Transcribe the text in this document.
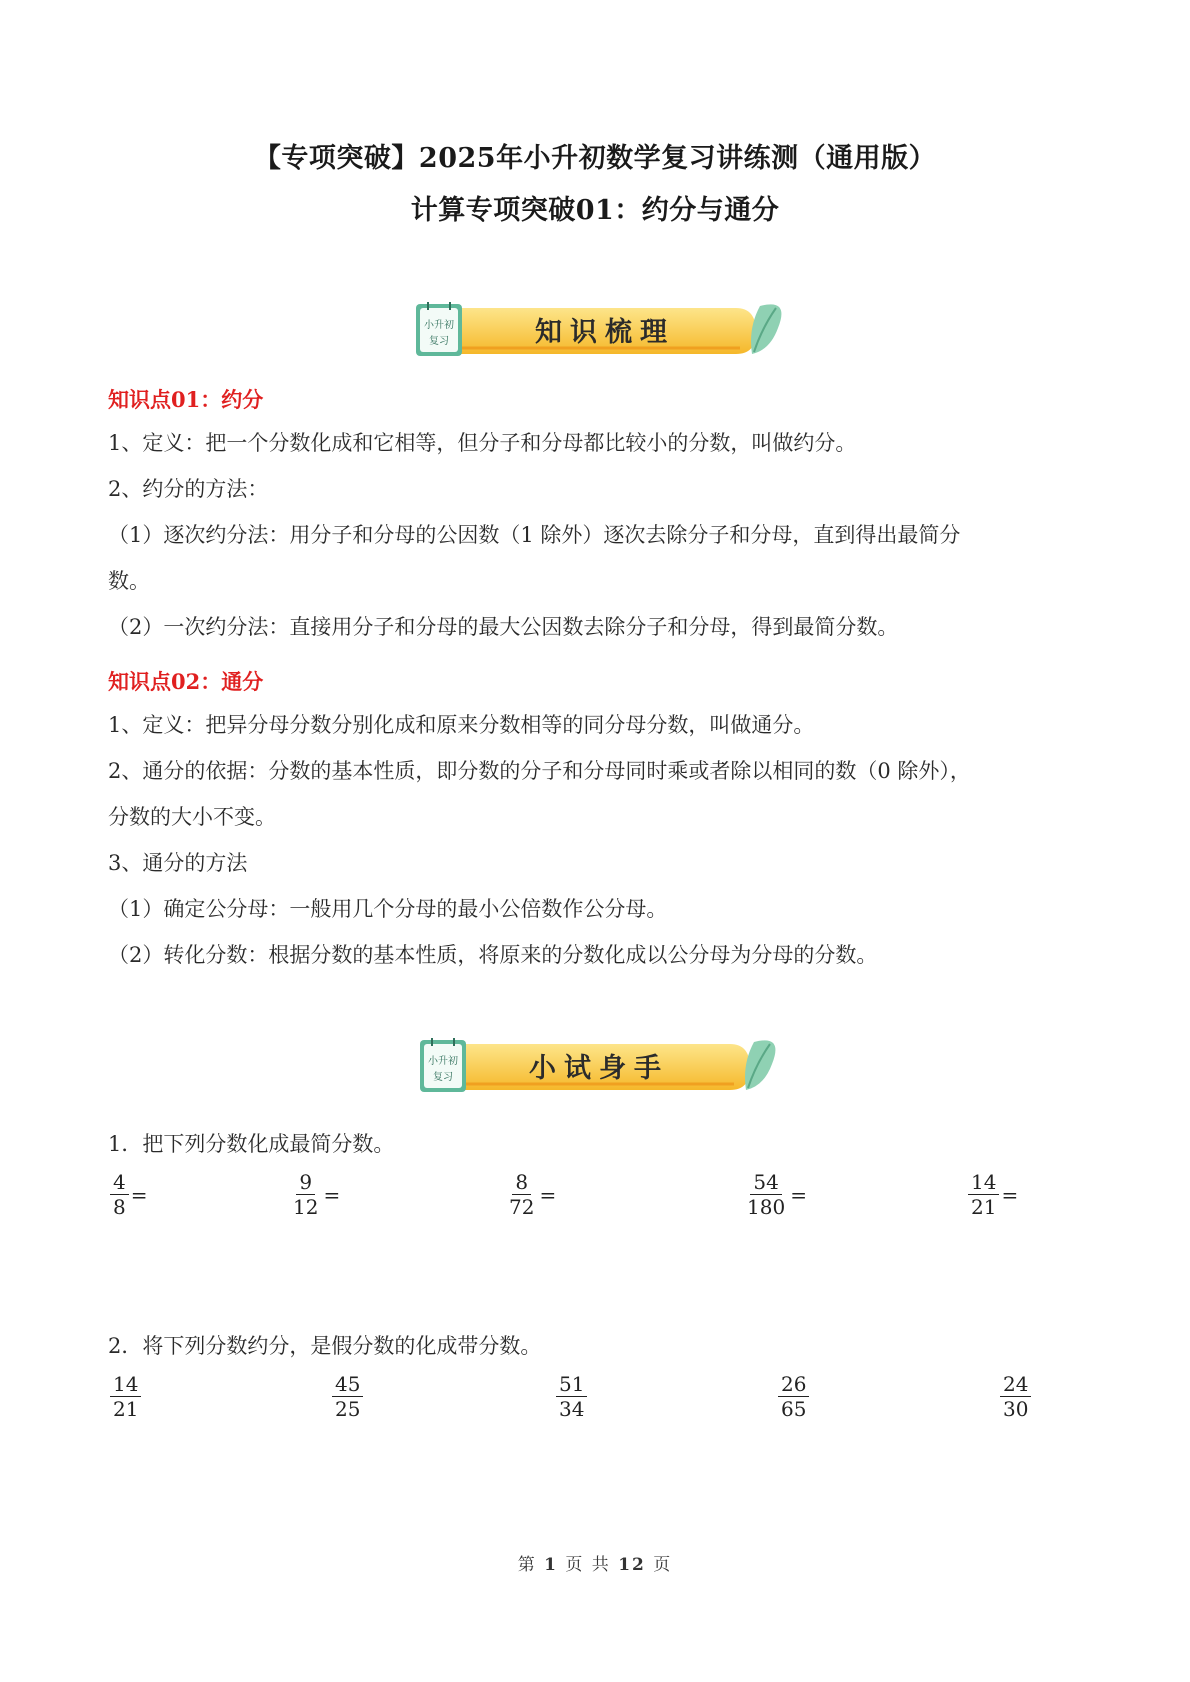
【专项突破】2025年小升初数学复习讲练测（通用版）
计算专项突破01：约分与通分
小升初
复习	知识梳理
知识点01：约分
1、定义：把一个分数化成和它相等，但分子和分母都比较小的分数，叫做约分。
2、约分的方法：
（1）逐次约分法：用分子和分母的公因数（1 除外）逐次去除分子和分母，直到得出最简分
数。
（2）一次约分法：直接用分子和分母的最大公因数去除分子和分母，得到最简分数。
知识点02：通分
1、定义：把异分母分数分别化成和原来分数相等的同分母分数，叫做通分。
2、通分的依据：分数的基本性质，即分数的分子和分母同时乘或者除以相同的数（0 除外），
分数的大小不变。
3、通分的方法
（1）确定公分母：一般用几个分母的最小公倍数作公分母。
（2）转化分数：根据分数的基本性质，将原来的分数化成以公分母为分母的分数。
小升初
复习	小试身手
1．把下列分数化成最简分数。
$\frac{4}{8}$ =	$\frac{9}{12}$ =	$\frac{8}{72}$ =	$\frac{54}{180}$ =	$\frac{14}{21}$ =
2．将下列分数约分，是假分数的化成带分数。
$\frac{14}{21}$	$\frac{45}{25}$	$\frac{51}{34}$	$\frac{26}{65}$	$\frac{24}{30}$
第 1 页 共 12 页
